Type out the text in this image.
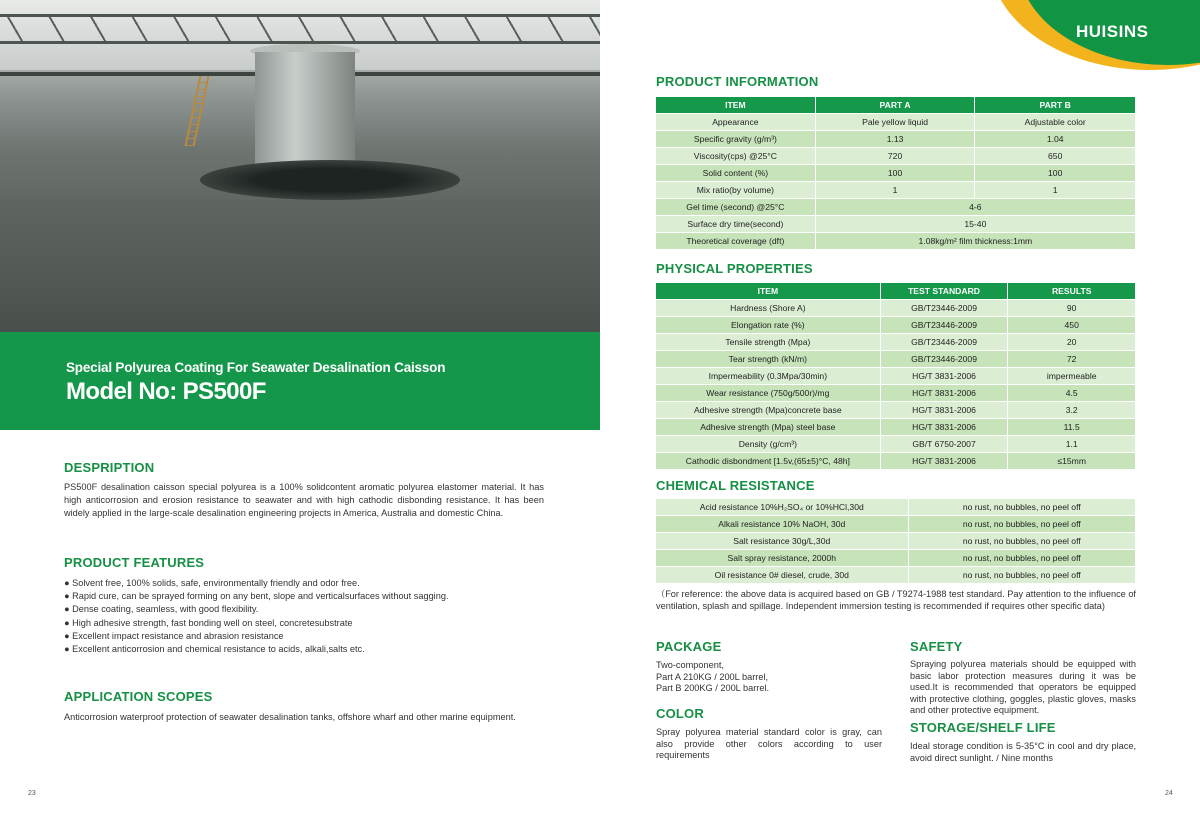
Special Polyurea Coating For Seawater Desalination Caisson
Model No: PS500F
DESPRIPTION
PS500F desalination caisson special polyurea is a 100% solidcontent aromatic polyurea elastomer material. It has high anticorrosion and erosion resistance to seawater and with high cathodic disbonding resistance. It has been widely applied in the large-scale desalination engineering projects in America, Australia and domestic China.
PRODUCT FEATURES
● Solvent free, 100% solids, safe, environmentally friendly and odor free.
● Rapid cure, can be sprayed forming on any bent, slope and verticalsurfaces without sagging.
● Dense coating, seamless, with good flexibility.
● High adhesive strength, fast bonding well on steel, concretesubstrate
● Excellent impact resistance and abrasion resistance
● Excellent anticorrosion and chemical resistance to acids, alkali,salts etc.
APPLICATION SCOPES
Anticorrosion waterproof protection of seawater desalination tanks, offshore wharf and other marine equipment.
23
HUISINS
PRODUCT INFORMATION
ITEM	PART A	PART B
Appearance	Pale yellow liquid	Adjustable color
Specific gravity (g/m³)	1.13	1.04
Viscosity(cps) @25°C	720	650
Solid content (%)	100	100
Mix ratio(by volume)	1	1
Gel time (second) @25°C	4-6	
Surface dry time(second)	15-40	
Theoretical coverage (dft)	1.08kg/m² film thickness:1mm	
PHYSICAL PROPERTIES
ITEM	TEST STANDARD	RESULTS
Hardness (Shore A)	GB/T23446-2009	90
Elongation rate (%)	GB/T23446-2009	450
Tensile strength (Mpa)	GB/T23446-2009	20
Tear strength (kN/m)	GB/T23446-2009	72
Impermeability (0.3Mpa/30min)	HG/T 3831-2006	impermeable
Wear resistance (750g/500r)/mg	HG/T 3831-2006	4.5
Adhesive strength (Mpa)concrete base	HG/T 3831-2006	3.2
Adhesive strength (Mpa) steel base	HG/T 3831-2006	11.5
Density (g/cm³)	GB/T 6750-2007	1.1
Cathodic disbondment [1.5v,(65±5)°C, 48h]	HG/T 3831-2006	≤15mm
CHEMICAL RESISTANCE
Acid resistance 10%H₂SO₄ or 10%HCl,30d	no rust, no bubbles, no peel off
Alkali resistance 10% NaOH, 30d	no rust, no bubbles, no peel off
Salt resistance 30g/L,30d	no rust, no bubbles, no peel off
Salt spray resistance, 2000h	no rust, no bubbles, no peel off
Oil resistance 0# diesel, crude, 30d	no rust, no bubbles, no peel off
（For reference: the above data is acquired based on GB / T9274-1988 test standard. Pay attention to the influence of ventilation, splash and spillage. Independent immersion testing is recommended if requires other specific data)
PACKAGE
Two-component,
Part A 210KG / 200L barrel,
Part B 200KG / 200L barrel.
COLOR
Spray polyurea material standard color is gray, can also provide other colors according to user requirements
SAFETY
Spraying polyurea materials should be equipped with basic labor protection measures during it was be used.It is recommended that operators be equipped with protective clothing, goggles, plastic gloves, masks and other protective equipment.
STORAGE/SHELF LIFE
Ideal storage condition is 5-35°C in cool and dry place, avoid direct sunlight. / Nine months
24
